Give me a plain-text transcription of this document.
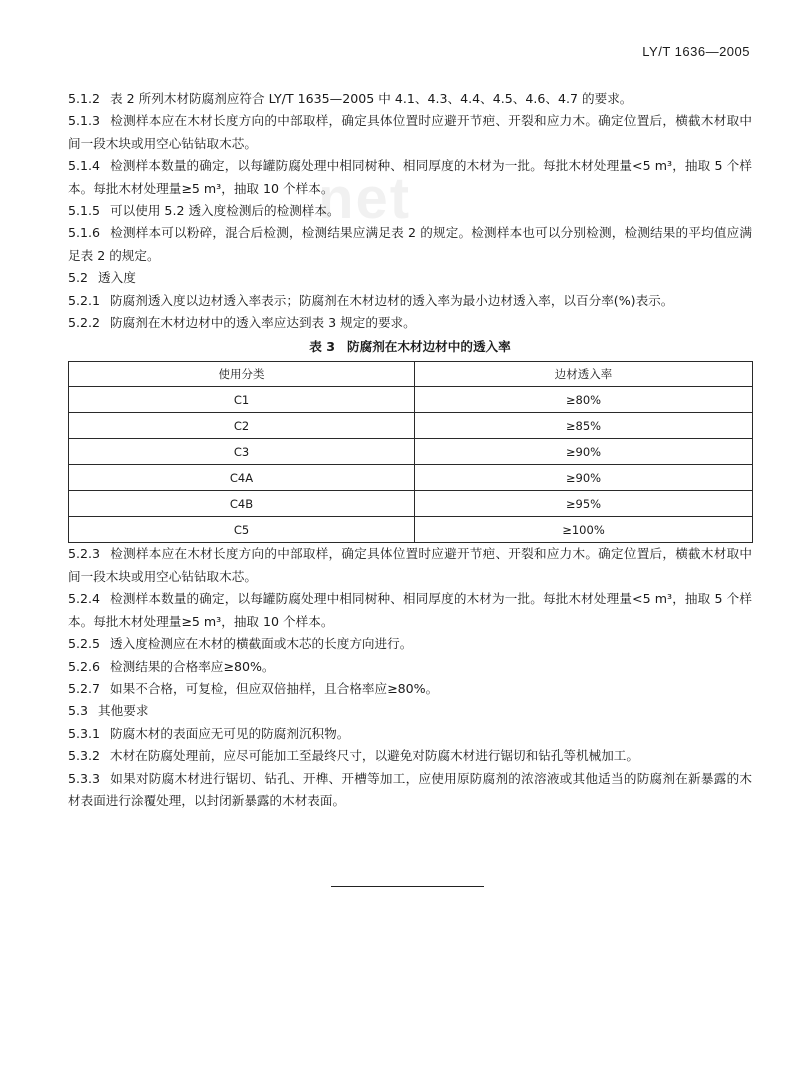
.net
LY/T 1636—2005

5.1.2 表 2 所列木材防腐剂应符合 LY/T 1635—2005 中 4.1、4.3、4.4、4.5、4.6、4.7 的要求。

5.1.3 检测样本应在木材长度方向的中部取样，确定具体位置时应避开节疤、开裂和应力木。确定位置后，横截木材取中间一段木块或用空心钻钻取木芯。

5.1.4 检测样本数量的确定，以每罐防腐处理中相同树种、相同厚度的木材为一批。每批木材处理量<5 m³，抽取 5 个样本。每批木材处理量≥5 m³，抽取 10 个样本。

5.1.5 可以使用 5.2 透入度检测后的检测样本。

5.1.6 检测样本可以粉碎，混合后检测，检测结果应满足表 2 的规定。检测样本也可以分别检测，检测结果的平均值应满足表 2 的规定。

5.2 透入度

5.2.1 防腐剂透入度以边材透入率表示；防腐剂在木材边材的透入率为最小边材透入率，以百分率(%)表示。

5.2.2 防腐剂在木材边材中的透入率应达到表 3 规定的要求。

表 3 防腐剂在木材边材中的透入率
使用分类	边材透入率
C1	≥80%
C2	≥85%
C3	≥90%
C4A	≥90%
C4B	≥95%
C5	≥100%

5.2.3 检测样本应在木材长度方向的中部取样，确定具体位置时应避开节疤、开裂和应力木。确定位置后，横截木材取中间一段木块或用空心钻钻取木芯。

5.2.4 检测样本数量的确定，以每罐防腐处理中相同树种、相同厚度的木材为一批。每批木材处理量<5 m³，抽取 5 个样本。每批木材处理量≥5 m³，抽取 10 个样本。

5.2.5 透入度检测应在木材的横截面或木芯的长度方向进行。

5.2.6 检测结果的合格率应≥80%。

5.2.7 如果不合格，可复检，但应双倍抽样，且合格率应≥80%。

5.3 其他要求

5.3.1 防腐木材的表面应无可见的防腐剂沉积物。

5.3.2 木材在防腐处理前，应尽可能加工至最终尺寸，以避免对防腐木材进行锯切和钻孔等机械加工。

5.3.3 如果对防腐木材进行锯切、钻孔、开榫、开槽等加工，应使用原防腐剂的浓溶液或其他适当的防腐剂在新暴露的木材表面进行涂覆处理，以封闭新暴露的木材表面。
